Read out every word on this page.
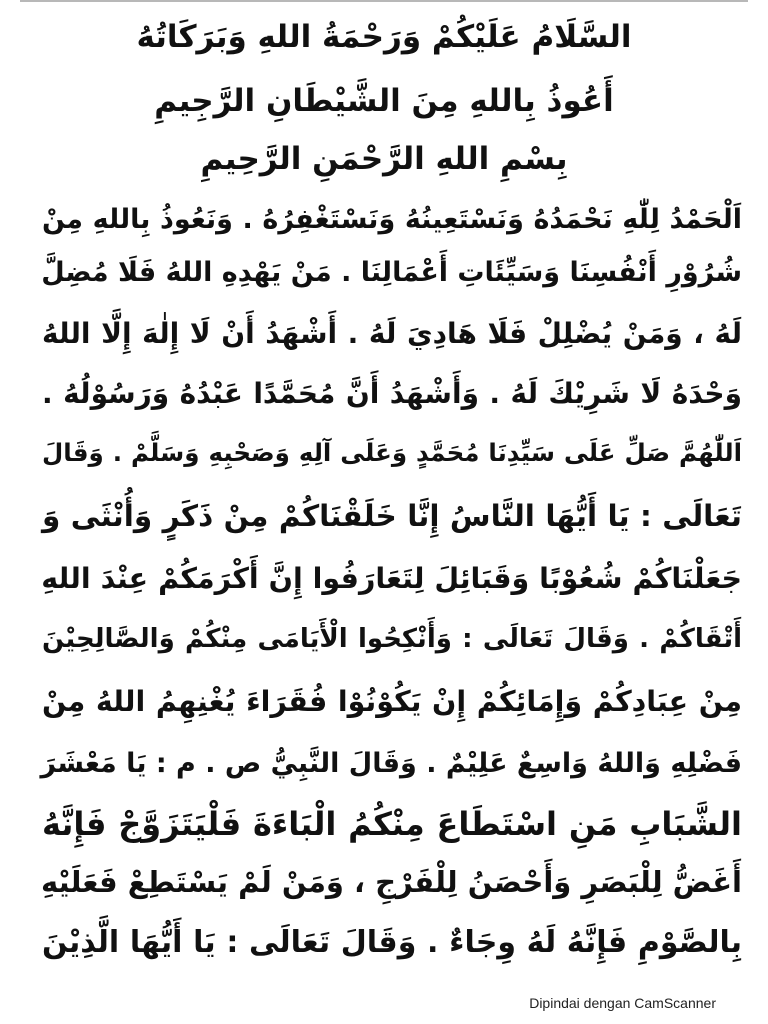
السَّلَامُ عَلَيْكُمْ وَرَحْمَةُ اللهِ وَبَرَكَاتُهُ
أَعُوذُ بِاللهِ مِنَ الشَّيْطَانِ الرَّجِيمِ
بِسْمِ اللهِ الرَّحْمَنِ الرَّحِيمِ
اَلْحَمْدُ لِلّٰهِ نَحْمَدُهُ وَنَسْتَعِينُهُ وَنَسْتَغْفِرُهُ . وَنَعُوذُ بِاللهِ مِنْ
شُرُوْرِ أَنْفُسِنَا وَسَيِّئَاتِ أَعْمَالِنَا . مَنْ يَهْدِهِ اللهُ فَلَا مُضِلَّ
لَهُ ، وَمَنْ يُضْلِلْ فَلَا هَادِيَ لَهُ . أَشْهَدُ أَنْ لَا إِلٰهَ إِلَّا اللهُ
وَحْدَهُ لَا شَرِيْكَ لَهُ . وَأَشْهَدُ أَنَّ مُحَمَّدًا عَبْدُهُ وَرَسُوْلُهُ .
اَللّٰهُمَّ صَلِّ عَلَى سَيِّدِنَا مُحَمَّدٍ وَعَلَى آلِهِ وَصَحْبِهِ وَسَلَّمْ . وَقَالَ
تَعَالَى : يَا أَيُّهَا النَّاسُ إِنَّا خَلَقْنَاكُمْ مِنْ ذَكَرٍ وَأُنْثَى وَ
جَعَلْنَاكُمْ شُعُوْبًا وَقَبَائِلَ لِتَعَارَفُوا إِنَّ أَكْرَمَكُمْ عِنْدَ اللهِ
أَتْقَاكُمْ . وَقَالَ تَعَالَى : وَأَنْكِحُوا الْأَيَامَى مِنْكُمْ وَالصَّالِحِيْنَ
مِنْ عِبَادِكُمْ وَإِمَائِكُمْ إِنْ يَكُوْنُوْا فُقَرَاءَ يُغْنِهِمُ اللهُ مِنْ
فَضْلِهِ وَاللهُ وَاسِعٌ عَلِيْمٌ . وَقَالَ النَّبِيُّ ص . م : يَا مَعْشَرَ
الشَّبَابِ مَنِ اسْتَطَاعَ مِنْكُمُ الْبَاءَةَ فَلْيَتَزَوَّجْ فَإِنَّهُ
أَغَضُّ لِلْبَصَرِ وَأَحْصَنُ لِلْفَرْجِ ، وَمَنْ لَمْ يَسْتَطِعْ فَعَلَيْهِ
بِالصَّوْمِ فَإِنَّهُ لَهُ وِجَاءٌ . وَقَالَ تَعَالَى : يَا أَيُّهَا الَّذِيْنَ
Dipindai dengan CamScanner
